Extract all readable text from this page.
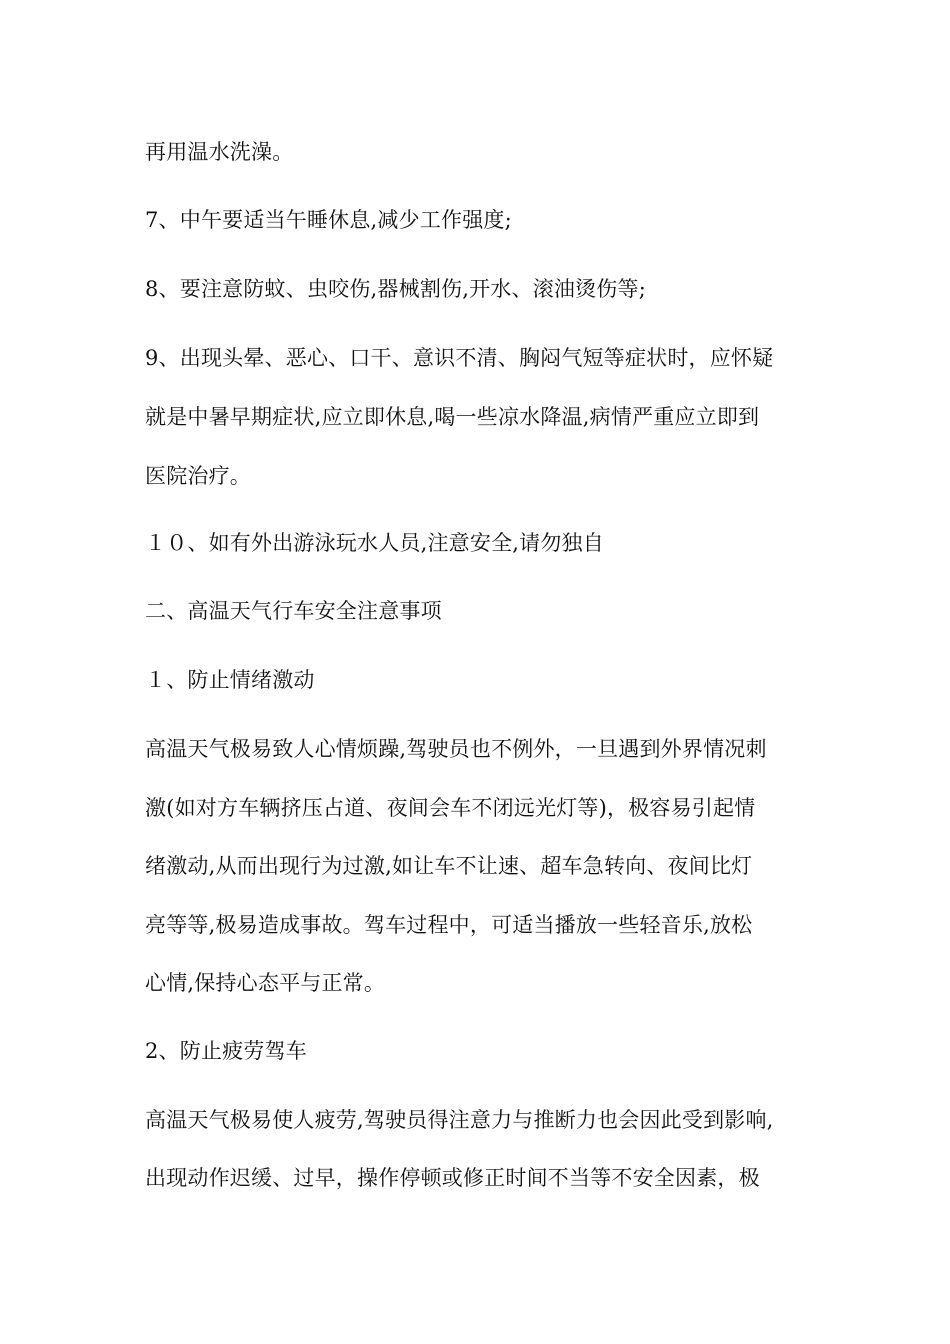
再用温水洗澡。
7、中午要适当午睡休息,减少工作强度;
8、要注意防蚊、虫咬伤,器械割伤,开水、滚油烫伤等;
9、出现头晕、恶心、口干、意识不清、胸闷气短等症状时，应怀疑
就是中暑早期症状,应立即休息,喝一些凉水降温,病情严重应立即到
医院治疗。
１０、如有外出游泳玩水人员,注意安全,请勿独自
二、高温天气行车安全注意事项
１、防止情绪激动
高温天气极易致人心情烦躁,驾驶员也不例外，一旦遇到外界情况刺
激(如对方车辆挤压占道、夜间会车不闭远光灯等)，极容易引起情
绪激动,从而出现行为过激,如让车不让速、超车急转向、夜间比灯
亮等等,极易造成事故。驾车过程中，可适当播放一些轻音乐,放松
心情,保持心态平与正常。
2、防止疲劳驾车
高温天气极易使人疲劳,驾驶员得注意力与推断力也会因此受到影响,
出现动作迟缓、过早，操作停顿或修正时间不当等不安全因素，极
